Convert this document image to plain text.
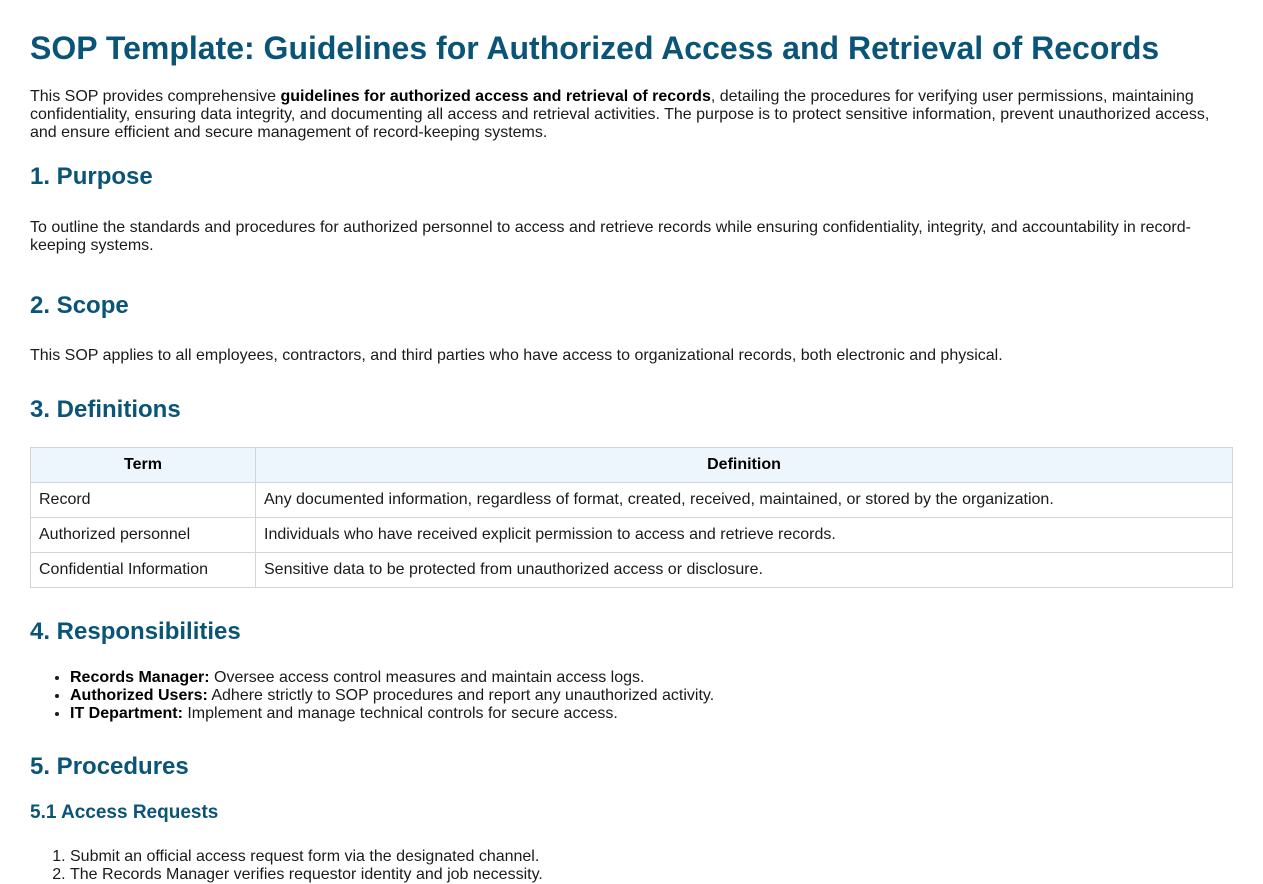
SOP Template: Guidelines for Authorized Access and Retrieval of Records

This SOP provides comprehensive guidelines for authorized access and retrieval of records, detailing the procedures for verifying user permissions, maintaining confidentiality, ensuring data integrity, and documenting all access and retrieval activities. The purpose is to protect sensitive information, prevent unauthorized access, and ensure efficient and secure management of record-keeping systems.

1. Purpose

To outline the standards and procedures for authorized personnel to access and retrieve records while ensuring confidentiality, integrity, and accountability in record-keeping systems.

2. Scope

This SOP applies to all employees, contractors, and third parties who have access to organizational records, both electronic and physical.

3. Definitions
Term	Definition
Record	Any documented information, regardless of format, created, received, maintained, or stored by the organization.
Authorized personnel	Individuals who have received explicit permission to access and retrieve records.
Confidential Information	Sensitive data to be protected from unauthorized access or disclosure.
4. Responsibilities
• Records Manager: Oversee access control measures and maintain access logs.
• Authorized Users: Adhere strictly to SOP procedures and report any unauthorized activity.
• IT Department: Implement and manage technical controls for secure access.
5. Procedures
5.1 Access Requests
1. Submit an official access request form via the designated channel.
2. The Records Manager verifies requestor identity and job necessity.
